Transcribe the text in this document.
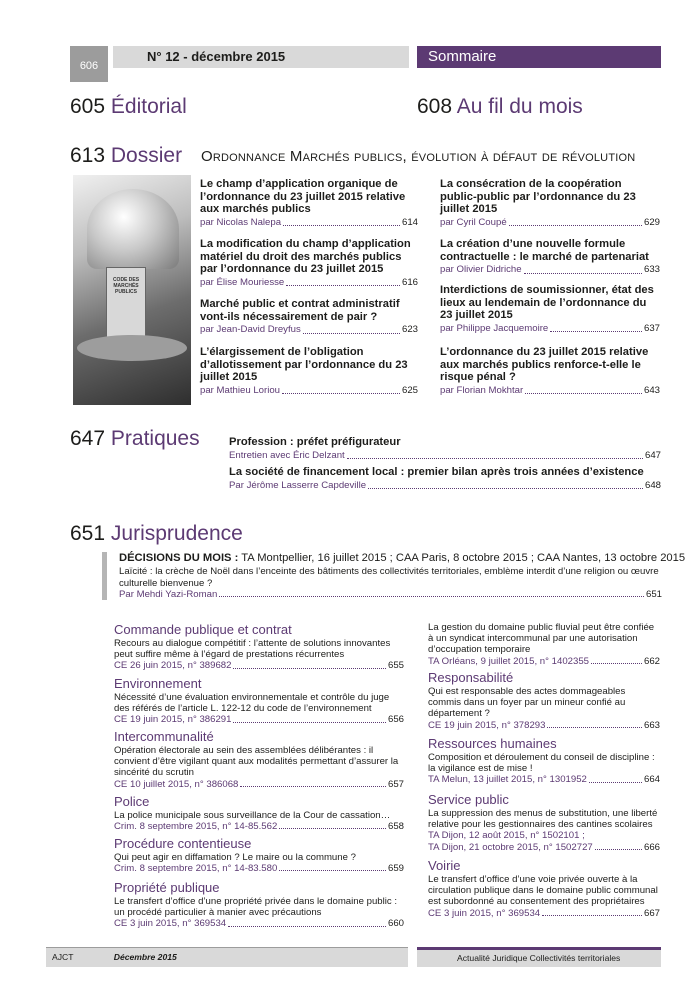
606
N° 12 - décembre 2015	Sommaire
605 Éditorial	608 Au fil du mois
613 Dossier Ordonnance Marchés publics, évolution à défaut de révolution
CODE DES MARCHÉS PUBLICS
Le champ d’application organique de l’ordonnance du 23 juillet 2015 relative aux marchés publics
par Nicolas Nalepa	614
La modification du champ d’application matériel du droit des marchés publics par l’ordonnance du 23 juillet 2015
par Élise Mouriesse	616
Marché public et contrat administratif vont-ils nécessairement de pair ?
par Jean-David Dreyfus	623
L’élargissement de l’obligation d’allotissement par l’ordonnance du 23 juillet 2015
par Mathieu Loriou	625
La consécration de la coopération public-public par l’ordonnance du 23 juillet 2015
par Cyril Coupé	629
La création d’une nouvelle formule contractuelle : le marché de partenariat
par Olivier Didriche	633
Interdictions de soumissionner, état des lieux au lendemain de l’ordonnance du 23 juillet 2015
par Philippe Jacquemoire	637
L’ordonnance du 23 juillet 2015 relative aux marchés publics renforce-t-elle le risque pénal ?
par Florian Mokhtar	643
647 Pratiques	Profession : préfet préfigurateur
Entretien avec Éric Delzant	647
La société de financement local : premier bilan après trois années d’existence
Par Jérôme Lasserre Capdeville	648
651 Jurisprudence
DÉCISIONS DU MOIS : TA Montpellier, 16 juillet 2015 ; CAA Paris, 8 octobre 2015 ; CAA Nantes, 13 octobre 2015
Laïcité : la crèche de Noël dans l’enceinte des bâtiments des collectivités territoriales, emblème interdit d’une religion ou œuvre culturelle bienvenue ?
Par Mehdi Yazi-Roman	651
Commande publique et contrat
Recours au dialogue compétitif : l’attente de solutions innovantes peut suffire même à l’égard de prestations récurrentes
CE 26 juin 2015, n° 389682	655
Environnement
Nécessité d’une évaluation environnementale et contrôle du juge des référés de l’article L. 122-12 du code de l’environnement
CE 19 juin 2015, n° 386291	656
Intercommunalité
Opération électorale au sein des assemblées délibérantes : il convient d’être vigilant quant aux modalités permettant d’assurer la sincérité du scrutin
CE 10 juillet 2015, n° 386068	657
Police
La police municipale sous surveillance de la Cour de cassation…
Crim. 8 septembre 2015, n° 14-85.562	658
Procédure contentieuse
Qui peut agir en diffamation ? Le maire ou la commune ?
Crim. 8 septembre 2015, n° 14-83.580	659
Propriété publique
Le transfert d’office d’une propriété privée dans le domaine public : un procédé particulier à manier avec précautions
CE 3 juin 2015, n° 369534	660
La gestion du domaine public fluvial peut être confiée à un syndicat intercommunal par une autorisation d’occupation temporaire
TA Orléans, 9 juillet 2015, n° 1402355	662
Responsabilité
Qui est responsable des actes dommageables commis dans un foyer par un mineur confié au département ?
CE 19 juin 2015, n° 378293	663
Ressources humaines
Composition et déroulement du conseil de discipline : la vigilance est de mise !
TA Melun, 13 juillet 2015, n° 1301952	664
Service public
La suppression des menus de substitution, une liberté relative pour les gestionnaires des cantines scolaires
TA Dijon, 12 août 2015, n° 1502101 ;
TA Dijon, 21 octobre 2015, n° 1502727	666
Voirie
Le transfert d’office d’une voie privée ouverte à la circulation publique dans le domaine public communal est subordonné au consentement des propriétaires
CE 3 juin 2015, n° 369534	667
AJCT	Décembre 2015	Actualité Juridique Collectivités territoriales
